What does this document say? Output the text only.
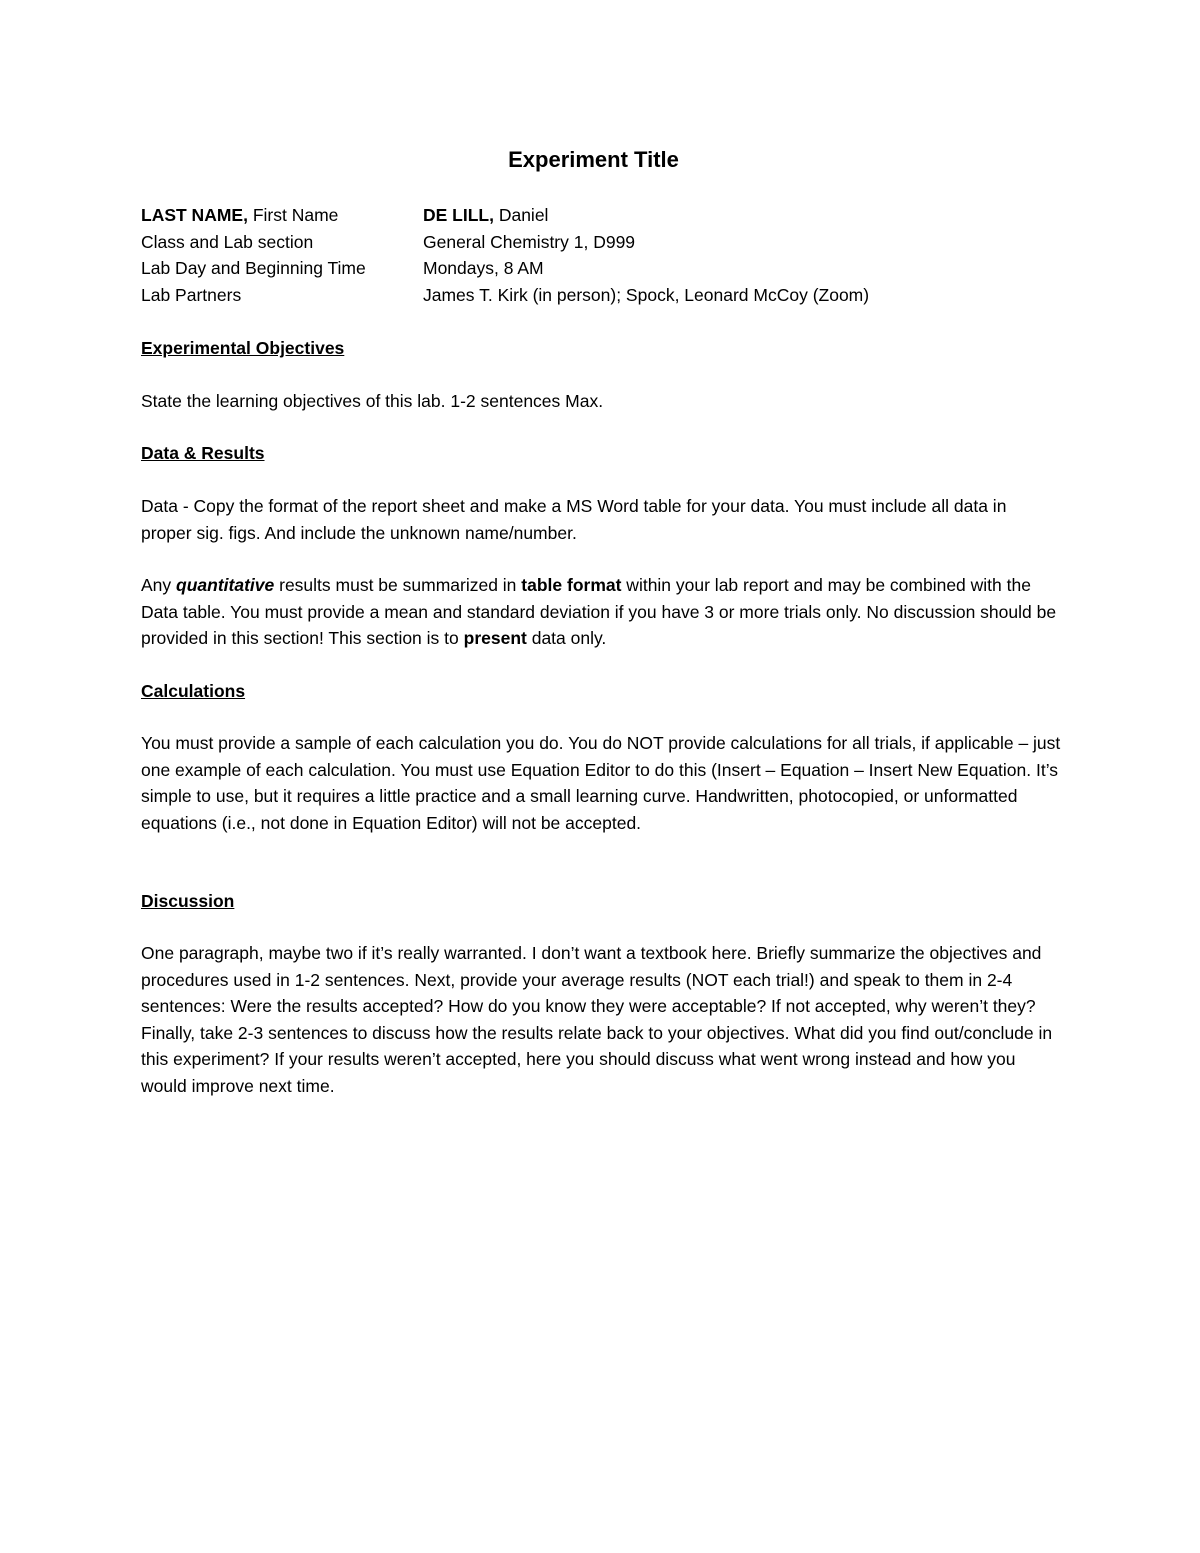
Experiment Title
LAST NAME, First Name	DE LILL, Daniel
Class and Lab section	General Chemistry 1, D999
Lab Day and Beginning Time	Mondays, 8 AM
Lab Partners	James T. Kirk (in person); Spock, Leonard McCoy (Zoom)
Experimental Objectives
State the learning objectives of this lab. 1-2 sentences Max.
Data & Results
Data - Copy the format of the report sheet and make a MS Word table for your data. You must include all data in proper sig. figs. And include the unknown name/number.
Any quantitative results must be summarized in table format within your lab report and may be combined with the Data table. You must provide a mean and standard deviation if you have 3 or more trials only. No discussion should be provided in this section! This section is to present data only.
Calculations
You must provide a sample of each calculation you do. You do NOT provide calculations for all trials, if applicable – just one example of each calculation. You must use Equation Editor to do this (Insert – Equation – Insert New Equation. It’s simple to use, but it requires a little practice and a small learning curve. Handwritten, photocopied, or unformatted equations (i.e., not done in Equation Editor) will not be accepted.
Discussion
One paragraph, maybe two if it’s really warranted. I don’t want a textbook here. Briefly summarize the objectives and procedures used in 1-2 sentences. Next, provide your average results (NOT each trial!) and speak to them in 2-4 sentences: Were the results accepted? How do you know they were acceptable? If not accepted, why weren’t they? Finally, take 2-3 sentences to discuss how the results relate back to your objectives. What did you find out/conclude in this experiment? If your results weren’t accepted, here you should discuss what went wrong instead and how you would improve next time.
